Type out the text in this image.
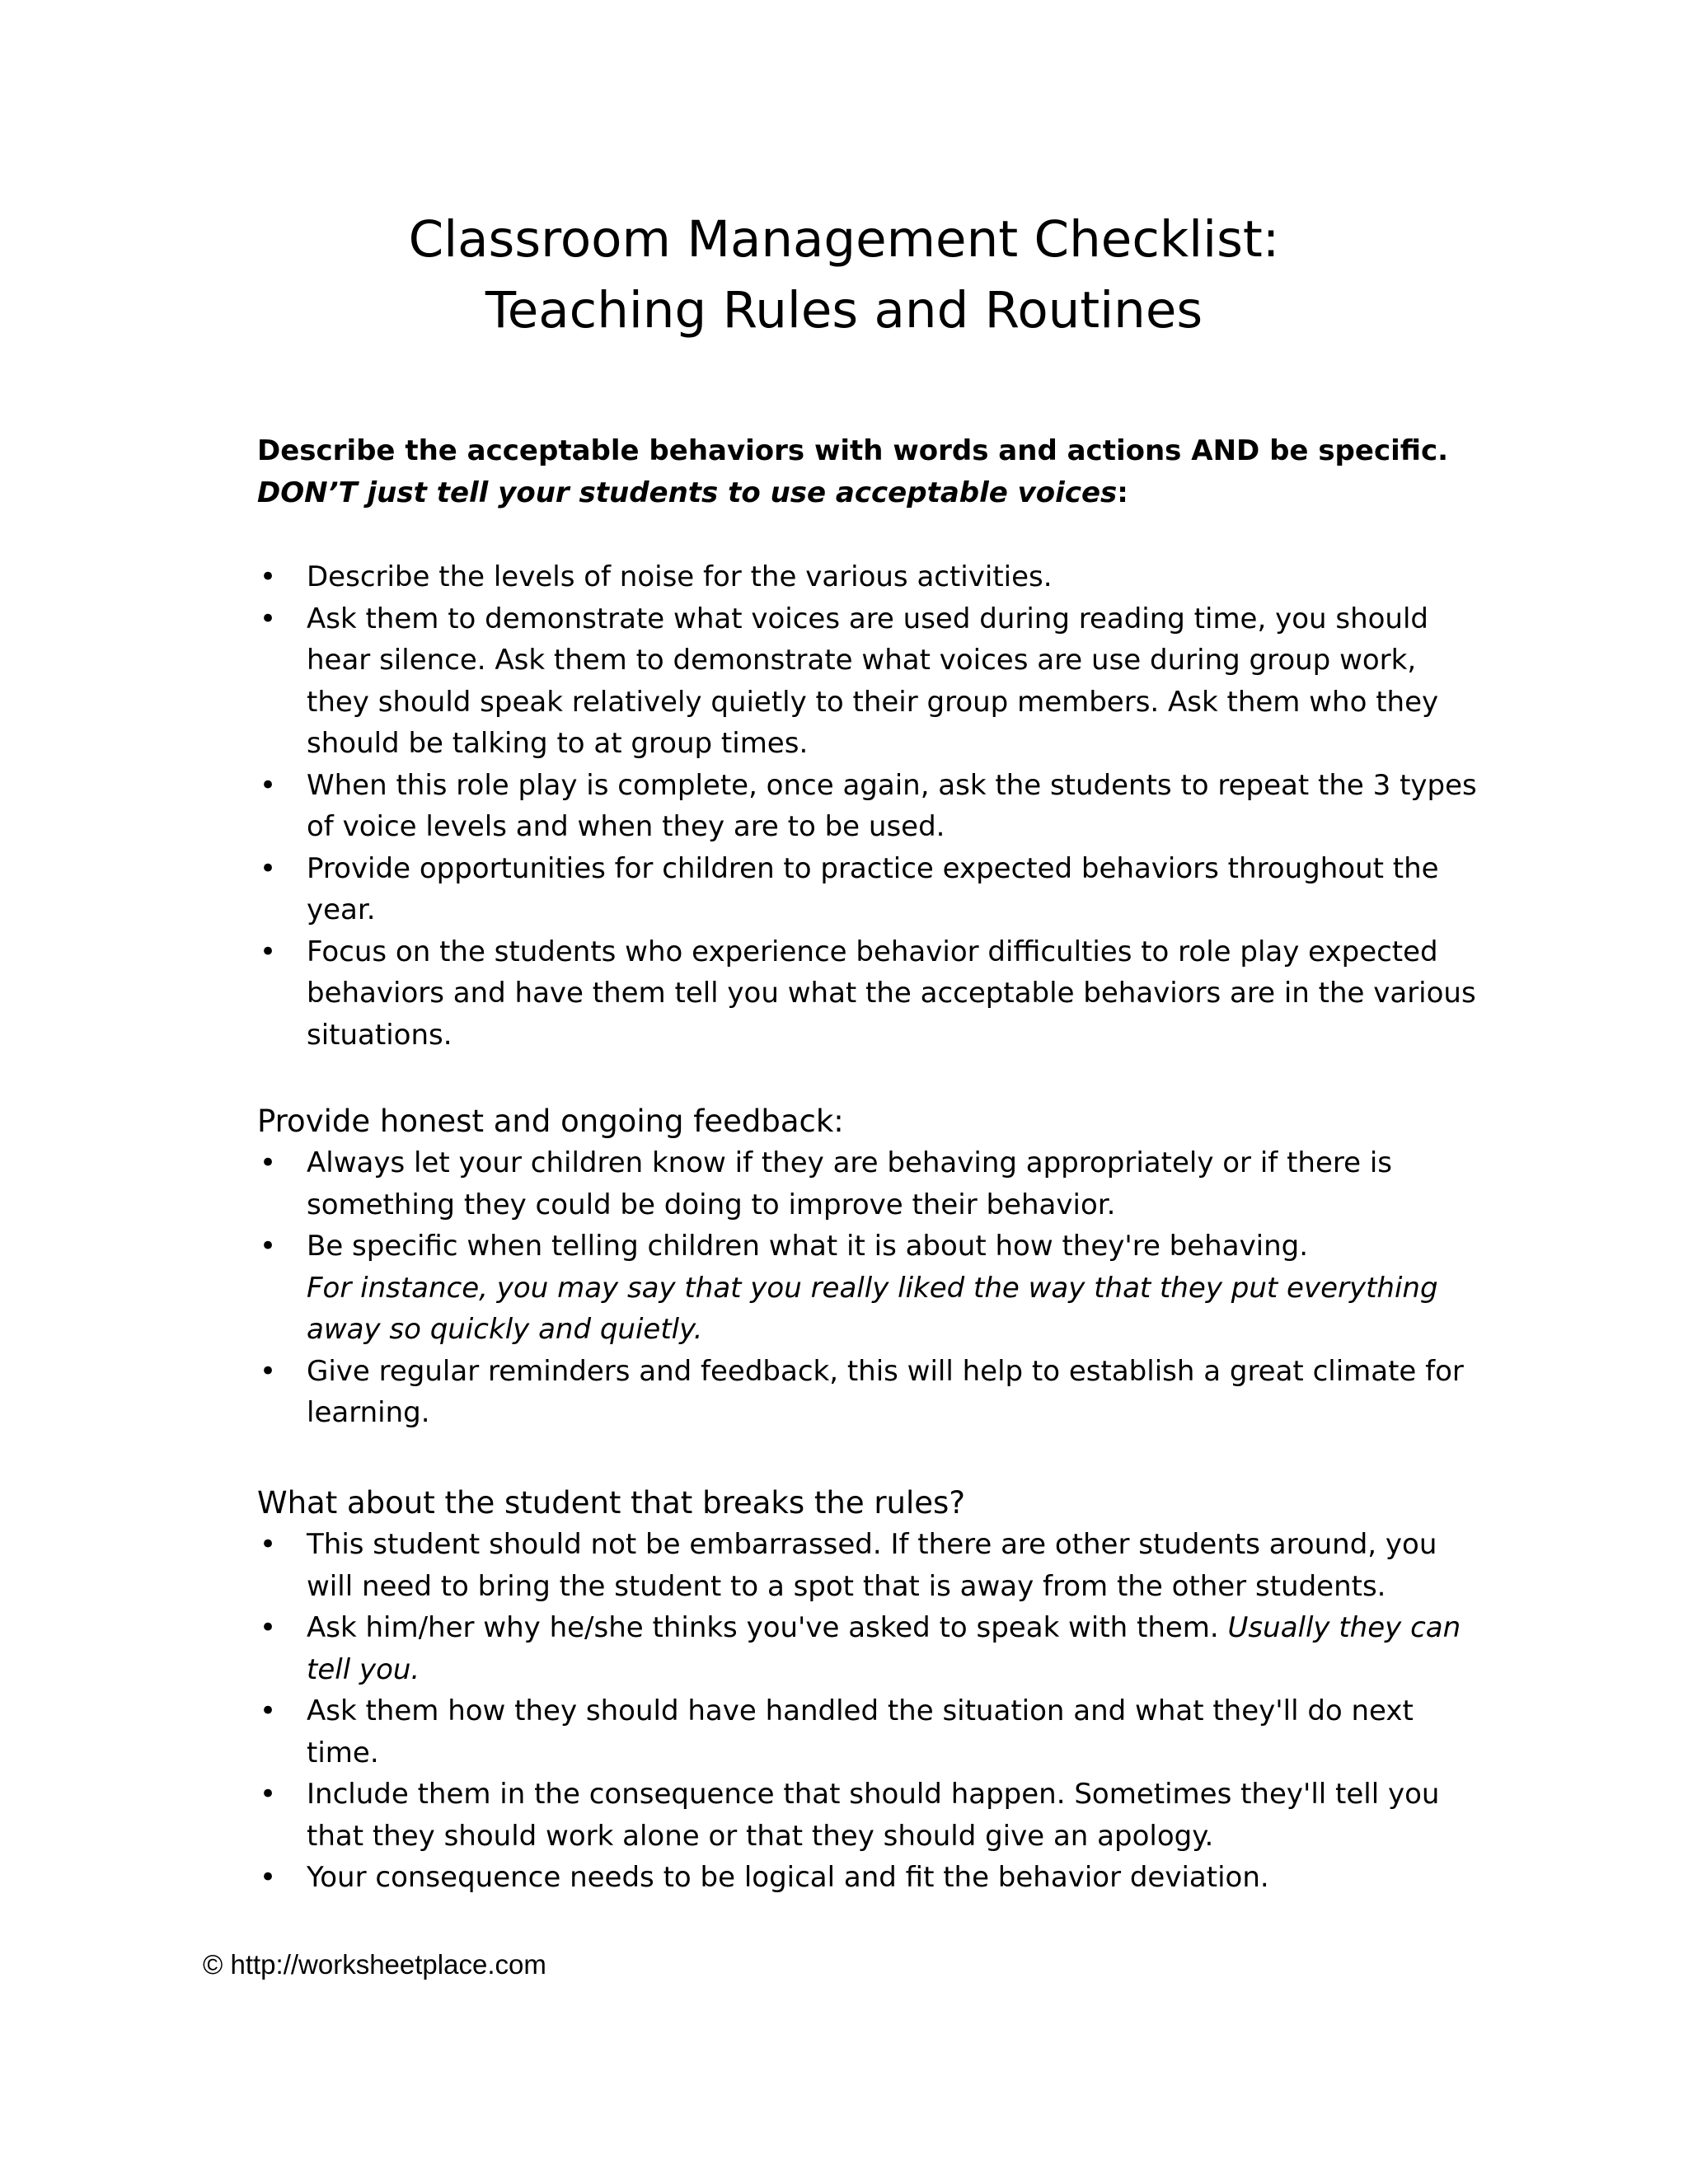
Classroom Management Checklist:
Teaching Rules and Routines
Describe the acceptable behaviors with words and actions AND be specific.
DON’T just tell your students to use acceptable voices:
• Describe the levels of noise for the various activities.
• Ask them to demonstrate what voices are used during reading time, you should hear silence. Ask them to demonstrate what voices are use during group work, they should speak relatively quietly to their group members. Ask them who they should be talking to at group times.
• When this role play is complete, once again, ask the students to repeat the 3 types of voice levels and when they are to be used.
• Provide opportunities for children to practice expected behaviors throughout the year.
• Focus on the students who experience behavior difficulties to role play expected behaviors and have them tell you what the acceptable behaviors are in the various situations.
Provide honest and ongoing feedback:
• Always let your children know if they are behaving appropriately or if there is something they could be doing to improve their behavior.
• Be specific when telling children what it is about how they're behaving.
For instance, you may say that you really liked the way that they put everything away so quickly and quietly.
• Give regular reminders and feedback, this will help to establish a great climate for learning.
What about the student that breaks the rules?
• This student should not be embarrassed. If there are other students around, you will need to bring the student to a spot that is away from the other students.
• Ask him/her why he/she thinks you've asked to speak with them. Usually they can tell you.
• Ask them how they should have handled the situation and what they'll do next time.
• Include them in the consequence that should happen. Sometimes they'll tell you that they should work alone or that they should give an apology.
• Your consequence needs to be logical and fit the behavior deviation.
© http://worksheetplace.com
